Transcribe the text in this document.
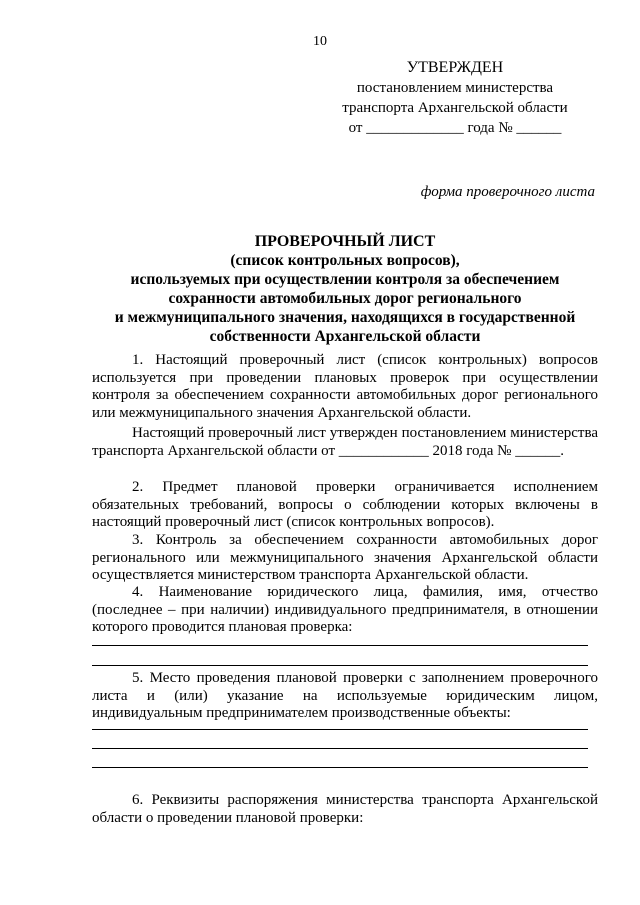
10
УТВЕРЖДЕН
постановлением министерства
транспорта Архангельской области
от _____________ года № ______
форма проверочного листа
ПРОВЕРОЧНЫЙ ЛИСТ
(список контрольных вопросов),
используемых при осуществлении контроля за обеспечением
сохранности автомобильных дорог регионального
и межмуниципального значения, находящихся в государственной
собственности Архангельской области

1. Настоящий проверочный лист (список контрольных) вопросов используется при проведении плановых проверок при осуществлении контроля за обеспечением сохранности автомобильных дорог регионального или межмуниципального значения Архангельской области.

Настоящий проверочный лист утвержден постановлением министерства транспорта Архангельской области от ____________ 2018 года № ______.

2. Предмет плановой проверки ограничивается исполнением обязательных требований, вопросы о соблюдении которых включены в настоящий проверочный лист (список контрольных вопросов).

3. Контроль за обеспечением сохранности автомобильных дорог регионального или межмуниципального значения Архангельской области осуществляется министерством транспорта Архангельской области.

4. Наименование юридического лица, фамилия, имя, отчество (последнее – при наличии) индивидуального предпринимателя, в отношении которого проводится плановая проверка:

5. Место проведения плановой проверки с заполнением проверочного листа и (или) указание на используемые юридическим лицом, индивидуальным предпринимателем производственные объекты:

6. Реквизиты распоряжения министерства транспорта Архангельской области о проведении плановой проверки:
